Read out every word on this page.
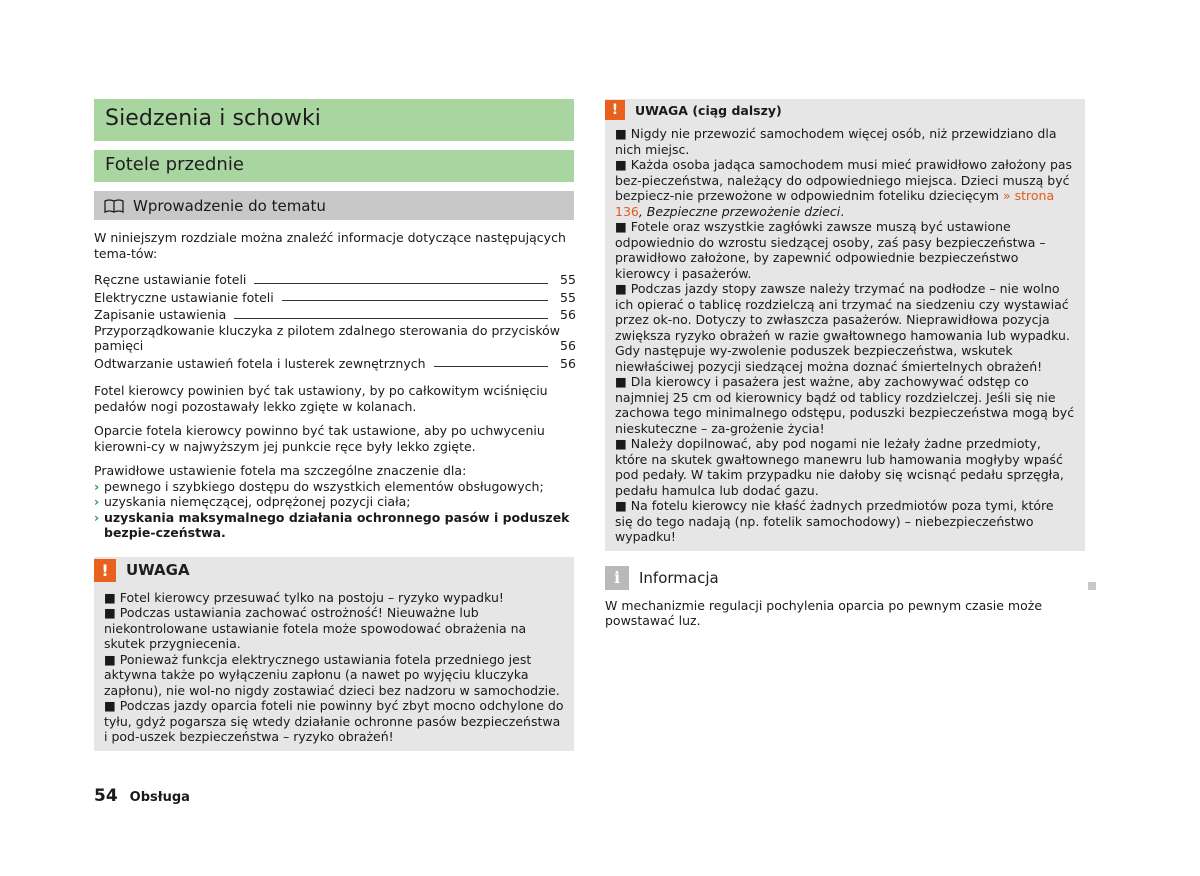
Siedzenia i schowki
Fotele przednie
Wprowadzenie do tematu

W niniejszym rozdziale można znaleźć informacje dotyczące następujących tema-tów:

Ręczne ustawianie foteli	55
Elektryczne ustawianie foteli	55
Zapisanie ustawienia	56
Przyporządkowanie kluczyka z pilotem zdalnego sterowania do przycisków
pamięci	56
Odtwarzanie ustawień fotela i lusterek zewnętrznych	56

Fotel kierowcy powinien być tak ustawiony, by po całkowitym wciśnięciu pedałów nogi pozostawały lekko zgięte w kolanach.

Oparcie fotela kierowcy powinno być tak ustawione, aby po uchwyceniu kierowni-cy w najwyższym jej punkcie ręce były lekko zgięte.

Prawidłowe ustawienie fotela ma szczególne znaczenie dla:

› pewnego i szybkiego dostępu do wszystkich elementów obsługowych;
› uzyskania niemęczącej, odprężonej pozycji ciała;
› uzyskania maksymalnego działania ochronnego pasów i poduszek bezpie-czeństwa.
!	UWAGA

■ Fotel kierowcy przesuwać tylko na postoju – ryzyko wypadku!

■ Podczas ustawiania zachować ostrożność! Nieuważne lub niekontrolowane ustawianie fotela może spowodować obrażenia na skutek przygniecenia.

■ Ponieważ funkcja elektrycznego ustawiania fotela przedniego jest aktywna także po wyłączeniu zapłonu (a nawet po wyjęciu kluczyka zapłonu), nie wol-no nigdy zostawiać dzieci bez nadzoru w samochodzie.

■ Podczas jazdy oparcia foteli nie powinny być zbyt mocno odchylone do tyłu, gdyż pogarsza się wtedy działanie ochronne pasów bezpieczeństwa i pod-uszek bezpieczeństwa – ryzyko obrażeń!

!	UWAGA (ciąg dalszy)

■ Nigdy nie przewozić samochodem więcej osób, niż przewidziano dla nich miejsc.

■ Każda osoba jadąca samochodem musi mieć prawidłowo założony pas bez-pieczeństwa, należący do odpowiedniego miejsca. Dzieci muszą być bezpiecz-nie przewożone w odpowiednim foteliku dziecięcym » strona 136, Bezpieczne przewożenie dzieci.

■ Fotele oraz wszystkie zagłówki zawsze muszą być ustawione odpowiednio do wzrostu siedzącej osoby, zaś pasy bezpieczeństwa – prawidłowo założone, by zapewnić odpowiednie bezpieczeństwo kierowcy i pasażerów.

■ Podczas jazdy stopy zawsze należy trzymać na podłodze – nie wolno ich opierać o tablicę rozdzielczą ani trzymać na siedzeniu czy wystawiać przez ok-no. Dotyczy to zwłaszcza pasażerów. Nieprawidłowa pozycja zwiększa ryzyko obrażeń w razie gwałtownego hamowania lub wypadku. Gdy następuje wy-zwolenie poduszek bezpieczeństwa, wskutek niewłaściwej pozycji siedzącej można doznać śmiertelnych obrażeń!

■ Dla kierowcy i pasażera jest ważne, aby zachowywać odstęp co najmniej 25 cm od kierownicy bądź od tablicy rozdzielczej. Jeśli się nie zachowa tego minimalnego odstępu, poduszki bezpieczeństwa mogą być nieskuteczne – za-grożenie życia!

■ Należy dopilnować, aby pod nogami nie leżały żadne przedmioty, które na skutek gwałtownego manewru lub hamowania mogłyby wpaść pod pedały. W takim przypadku nie dałoby się wcisnąć pedału sprzęgła, pedału hamulca lub dodać gazu.

■ Na fotelu kierowcy nie kłaść żadnych przedmiotów poza tymi, które się do tego nadają (np. fotelik samochodowy) – niebezpieczeństwo wypadku!

i	Informacja

W mechanizmie regulacji pochylenia oparcia po pewnym czasie może powstawać luz.

54 Obsługa
